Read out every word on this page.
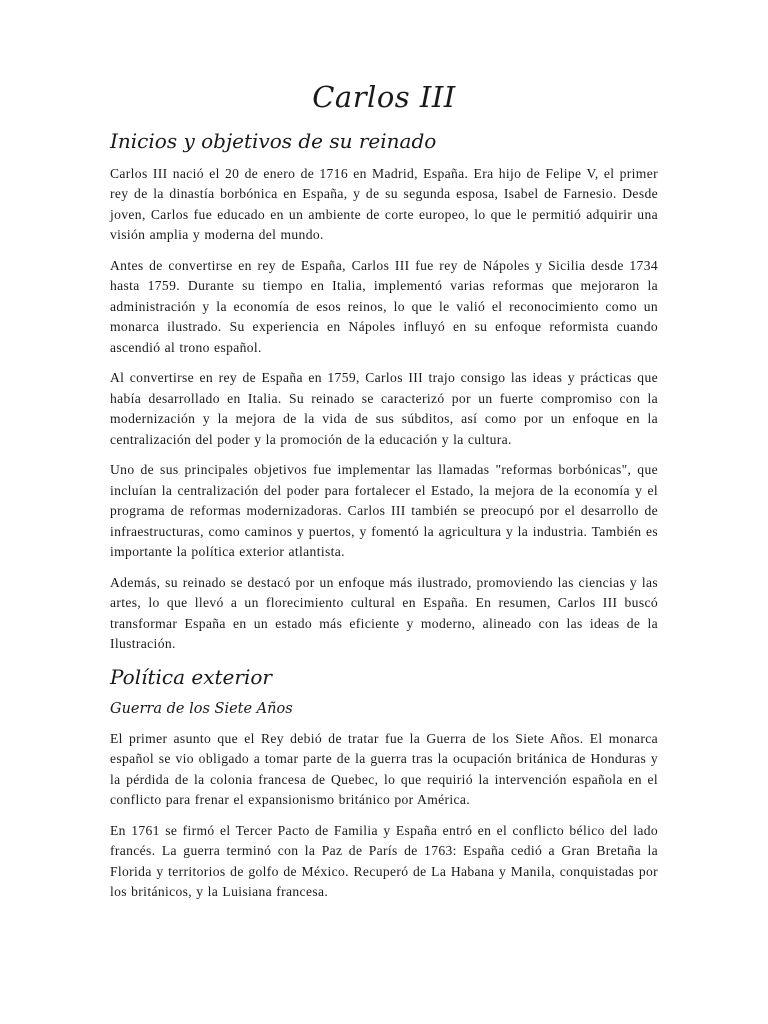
Carlos III
Inicios y objetivos de su reinado

Carlos III nació el 20 de enero de 1716 en Madrid, España. Era hijo de Felipe V, el primer rey de la dinastía borbónica en España, y de su segunda esposa, Isabel de Farnesio. Desde joven, Carlos fue educado en un ambiente de corte europeo, lo que le permitió adquirir una visión amplia y moderna del mundo.

Antes de convertirse en rey de España, Carlos III fue rey de Nápoles y Sicilia desde 1734 hasta 1759. Durante su tiempo en Italia, implementó varias reformas que mejoraron la administración y la economía de esos reinos, lo que le valió el reconocimiento como un monarca ilustrado. Su experiencia en Nápoles influyó en su enfoque reformista cuando ascendió al trono español.

Al convertirse en rey de España en 1759, Carlos III trajo consigo las ideas y prácticas que había desarrollado en Italia. Su reinado se caracterizó por un fuerte compromiso con la modernización y la mejora de la vida de sus súbditos, así como por un enfoque en la centralización del poder y la promoción de la educación y la cultura.

Uno de sus principales objetivos fue implementar las llamadas "reformas borbónicas", que incluían la centralización del poder para fortalecer el Estado, la mejora de la economía y el programa de reformas modernizadoras. Carlos III también se preocupó por el desarrollo de infraestructuras, como caminos y puertos, y fomentó la agricultura y la industria. También es importante la política exterior atlantista.

Además, su reinado se destacó por un enfoque más ilustrado, promoviendo las ciencias y las artes, lo que llevó a un florecimiento cultural en España. En resumen, Carlos III buscó transformar España en un estado más eficiente y moderno, alineado con las ideas de la Ilustración.

Política exterior
Guerra de los Siete Años

El primer asunto que el Rey debió de tratar fue la Guerra de los Siete Años. El monarca español se vio obligado a tomar parte de la guerra tras la ocupación británica de Honduras y la pérdida de la colonia francesa de Quebec, lo que requirió la intervención española en el conflicto para frenar el expansionismo británico por América.

En 1761 se firmó el Tercer Pacto de Familia y España entró en el conflicto bélico del lado francés. La guerra terminó con la Paz de París de 1763: España cedió a Gran Bretaña la Florida y territorios de golfo de México. Recuperó de La Habana y Manila, conquistadas por los británicos, y la Luisiana francesa.
